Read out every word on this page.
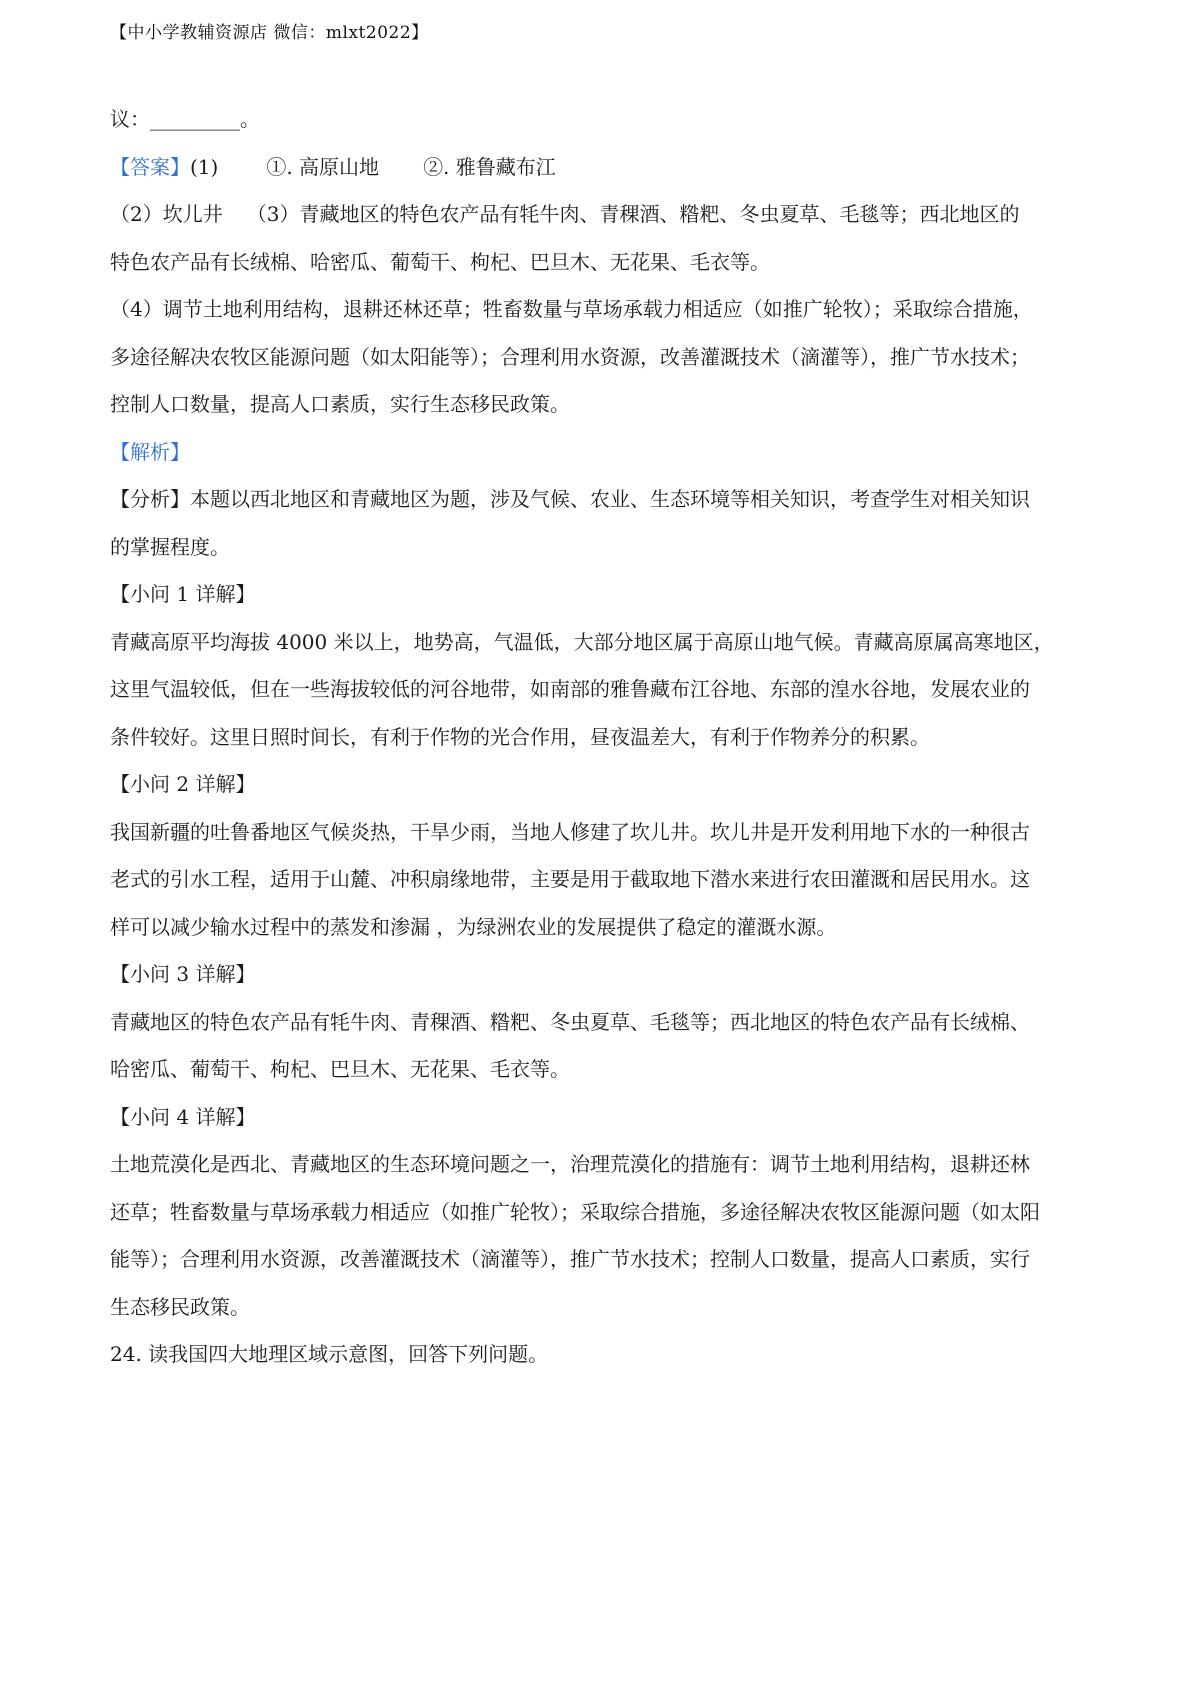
【中小学教辅资源店 微信：mlxt2022】
议：_________。
【答案】(1) ①. 高原山地 ②. 雅鲁藏布江
（2）坎儿井 （3）青藏地区的特色农产品有牦牛肉、青稞酒、糌粑、冬虫夏草、毛毯等；西北地区的
特色农产品有长绒棉、哈密瓜、葡萄干、枸杞、巴旦木、无花果、毛衣等。
（4）调节土地利用结构，退耕还林还草；牲畜数量与草场承载力相适应（如推广轮牧）；采取综合措施，
多途径解决农牧区能源问题（如太阳能等）；合理利用水资源，改善灌溉技术（滴灌等），推广节水技术；
控制人口数量，提高人口素质，实行生态移民政策。
【解析】
【分析】本题以西北地区和青藏地区为题，涉及气候、农业、生态环境等相关知识，考查学生对相关知识
的掌握程度。
【小问 1 详解】
青藏高原平均海拔 4000 米以上，地势高，气温低，大部分地区属于高原山地气候。青藏高原属高寒地区，
这里气温较低，但在一些海拔较低的河谷地带，如南部的雅鲁藏布江谷地、东部的湟水谷地，发展农业的
条件较好。这里日照时间长，有利于作物的光合作用，昼夜温差大，有利于作物养分的积累。
【小问 2 详解】
我国新疆的吐鲁番地区气候炎热，干旱少雨，当地人修建了坎儿井。坎儿井是开发利用地下水的一种很古
老式的引水工程，适用于山麓、冲积扇缘地带，主要是用于截取地下潜水来进行农田灌溉和居民用水。这
样可以减少输水过程中的蒸发和渗漏 ，为绿洲农业的发展提供了稳定的灌溉水源。
【小问 3 详解】
青藏地区的特色农产品有牦牛肉、青稞酒、糌粑、冬虫夏草、毛毯等；西北地区的特色农产品有长绒棉、
哈密瓜、葡萄干、枸杞、巴旦木、无花果、毛衣等。
【小问 4 详解】
土地荒漠化是西北、青藏地区的生态环境问题之一，治理荒漠化的措施有：调节土地利用结构，退耕还林
还草；牲畜数量与草场承载力相适应（如推广轮牧）；采取综合措施，多途径解决农牧区能源问题（如太阳
能等）；合理利用水资源，改善灌溉技术（滴灌等），推广节水技术；控制人口数量，提高人口素质，实行
生态移民政策。
24. 读我国四大地理区域示意图，回答下列问题。
